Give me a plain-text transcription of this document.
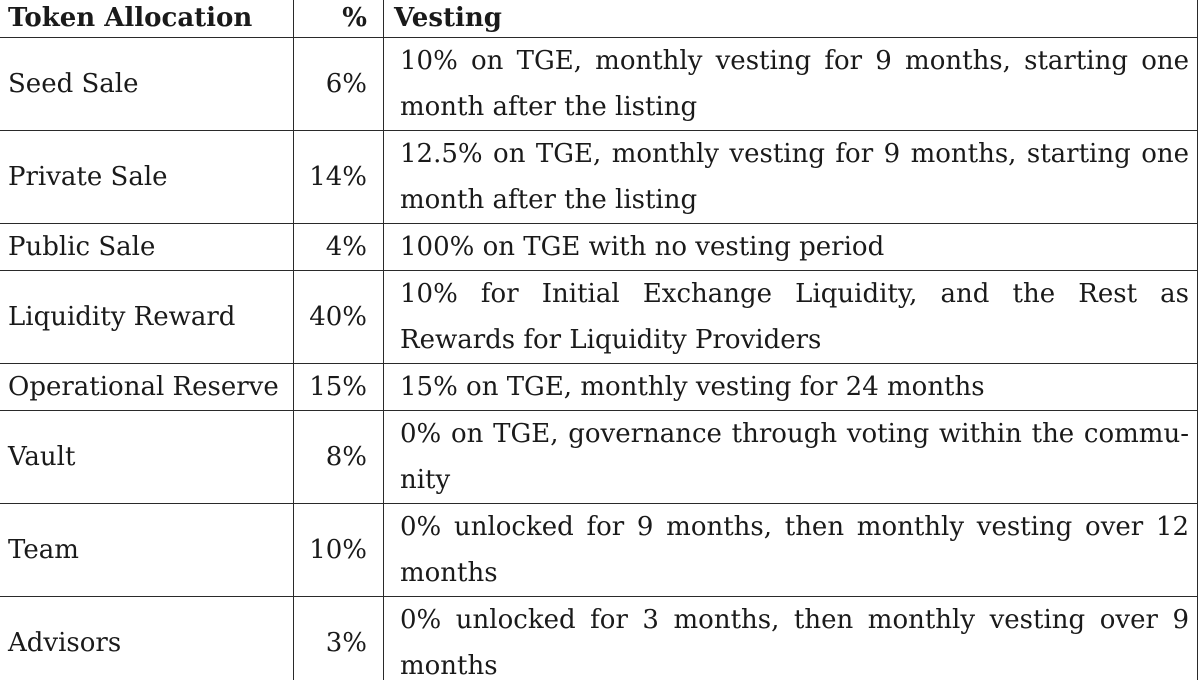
Token Allocation	%	Vesting
Seed Sale	6%	10% on TGE, monthly vesting for 9 months, starting one month after the listing
Private Sale	14%	12.5% on TGE, monthly vesting for 9 months, starting one month after the listing
Public Sale	4%	100% on TGE with no vesting period
Liquidity Reward	40%	10% for Initial Exchange Liquidity, and the Rest as Rewards for Liquidity Providers
Operational Reserve	15%	15% on TGE, monthly vesting for 24 months
Vault	8%	0% on TGE, governance through voting within the commu-nity
Team	10%	0% unlocked for 9 months, then monthly vesting over 12 months
Advisors	3%	0% unlocked for 3 months, then monthly vesting over 9 months
